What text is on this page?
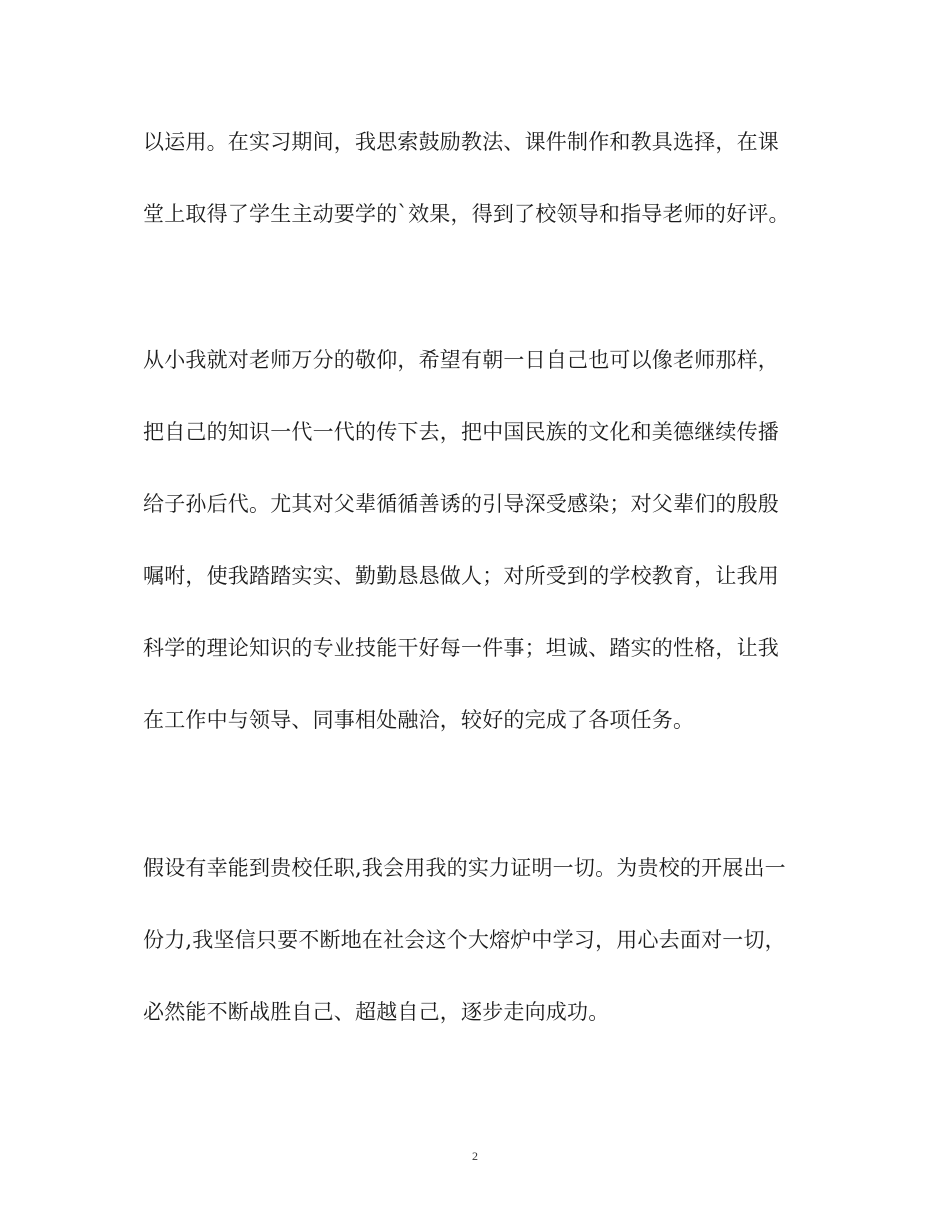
以运用。在实习期间，我思索鼓励教法、课件制作和教具选择，在课
堂上取得了学生主动要学的`效果，得到了校领导和指导老师的好评。
从小我就对老师万分的敬仰，希望有朝一日自己也可以像老师那样，
把自己的知识一代一代的传下去，把中国民族的文化和美德继续传播
给子孙后代。尤其对父辈循循善诱的引导深受感染；对父辈们的殷殷
嘱咐，使我踏踏实实、勤勤恳恳做人；对所受到的学校教育，让我用
科学的理论知识的专业技能干好每一件事；坦诚、踏实的性格，让我
在工作中与领导、同事相处融洽，较好的完成了各项任务。
假设有幸能到贵校任职,我会用我的实力证明一切。为贵校的开展出一
份力,我坚信只要不断地在社会这个大熔炉中学习，用心去面对一切，
必然能不断战胜自己、超越自己，逐步走向成功。
2
